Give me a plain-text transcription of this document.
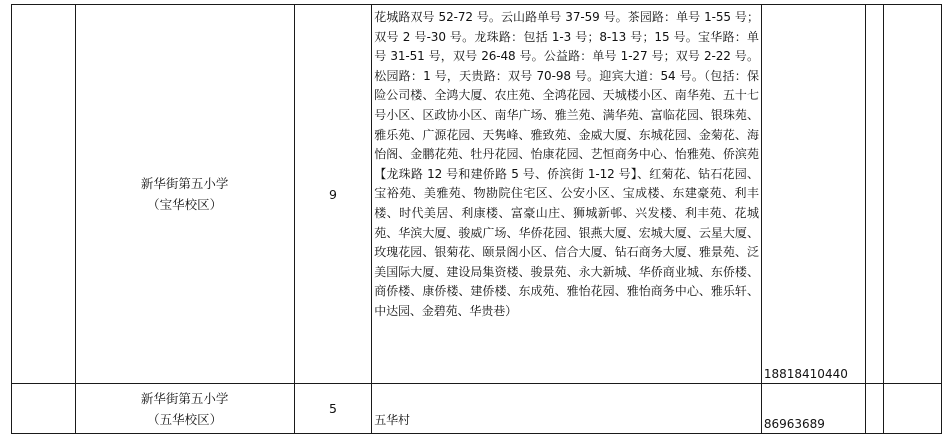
	新华街第五小学
（宝华校区）	9	花城路双号 52-72 号。云山路单号 37-59 号。茶园路：单号 1-55 号；双号 2 号-30 号。龙珠路：包括 1-3 号；8-13 号；15 号。宝华路：单号 31-51 号，双号 26-48 号。公益路：单号 1-27 号；双号 2-22 号。松园路：1 号，天贵路：双号 70-98 号。迎宾大道：54 号。（包括：保险公司楼、全鸿大厦、农庄苑、全鸿花园、天城楼小区、南华苑、五十七号小区、区政协小区、南华广场、雅兰苑、满华苑、富临花园、银珠苑、雅乐苑、广源花园、天隽峰、雅致苑、金威大厦、东城花园、金菊花、海怡阁、金鹏花苑、牡丹花园、怡康花园、艺恒商务中心、怡雅苑、侨滨苑【龙珠路 12 号和建侨路 5 号、侨滨街 1-12 号】、红菊花、钻石花园、宝裕苑、美雅苑、物勘院住宅区、公安小区、宝成楼、东建豪苑、利丰楼、时代美居、利康楼、富豪山庄、狮城新邨、兴发楼、利丰苑、花城苑、华滨大厦、骏威广场、华侨花园、银燕大厦、宏城大厦、云星大厦、玫瑰花园、银菊花、颐景阁小区、信合大厦、钻石商务大厦、雅景苑、泛美国际大厦、建设局集资楼、骏景苑、永大新城、华侨商业城、东侨楼、商侨楼、康侨楼、建侨楼、东成苑、雅怡花园、雅怡商务中心、雅乐轩、中达园、金碧苑、华贵巷）	18818410440		

	新华街第五小学
（五华校区）	5	五华村	86963689		
